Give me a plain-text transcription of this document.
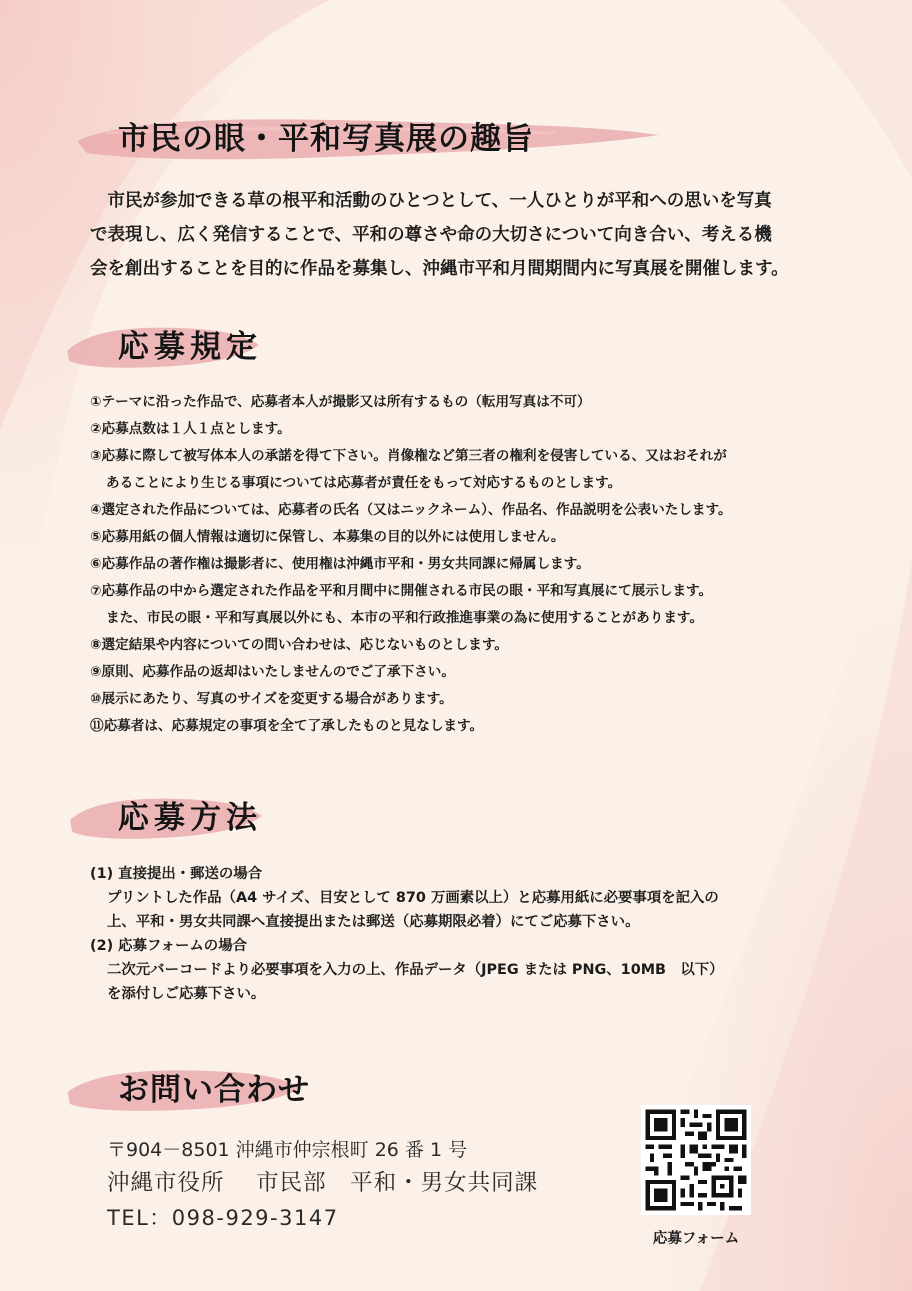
市民の眼・平和写真展の趣旨

　市民が参加できる草の根平和活動のひとつとして、一人ひとりが平和への思いを写真

で表現し、広く発信することで、平和の尊さや命の大切さについて向き合い、考える機

会を創出することを目的に作品を募集し、沖縄市平和月間期間内に写真展を開催します。

応募規定
①テーマに沿った作品で、応募者本人が撮影又は所有するもの（転用写真は不可）
②応募点数は１人１点とします。
③応募に際して被写体本人の承諾を得て下さい。肖像権など第三者の権利を侵害している、又はおそれが
あることにより生じる事項については応募者が責任をもって対応するものとします。
④選定された作品については、応募者の氏名（又はニックネーム）、作品名、作品説明を公表いたします。
⑤応募用紙の個人情報は適切に保管し、本募集の目的以外には使用しません。
⑥応募作品の著作権は撮影者に、使用権は沖縄市平和・男女共同課に帰属します。
⑦応募作品の中から選定された作品を平和月間中に開催される市民の眼・平和写真展にて展示します。
また、市民の眼・平和写真展以外にも、本市の平和行政推進事業の為に使用することがあります。
⑧選定結果や内容についての問い合わせは、応じないものとします。
⑨原則、応募作品の返却はいたしませんのでご了承下さい。
⑩展示にあたり、写真のサイズを変更する場合があります。
⑪応募者は、応募規定の事項を全て了承したものと見なします。
応募方法
(1) 直接提出・郵送の場合
プリントした作品（A4 サイズ、目安として 870 万画素以上）と応募用紙に必要事項を記入の
上、平和・男女共同課へ直接提出または郵送（応募期限必着）にてご応募下さい。
(2) 応募フォームの場合
二次元バーコードより必要事項を入力の上、作品データ（JPEG または PNG、10MB　以下）
を添付しご応募下さい。
お問い合わせ
〒904－8501 沖縄市仲宗根町 26 番 1 号
沖縄市役所　 市民部　平和・男女共同課
TEL：098-929-3147
応募フォーム
